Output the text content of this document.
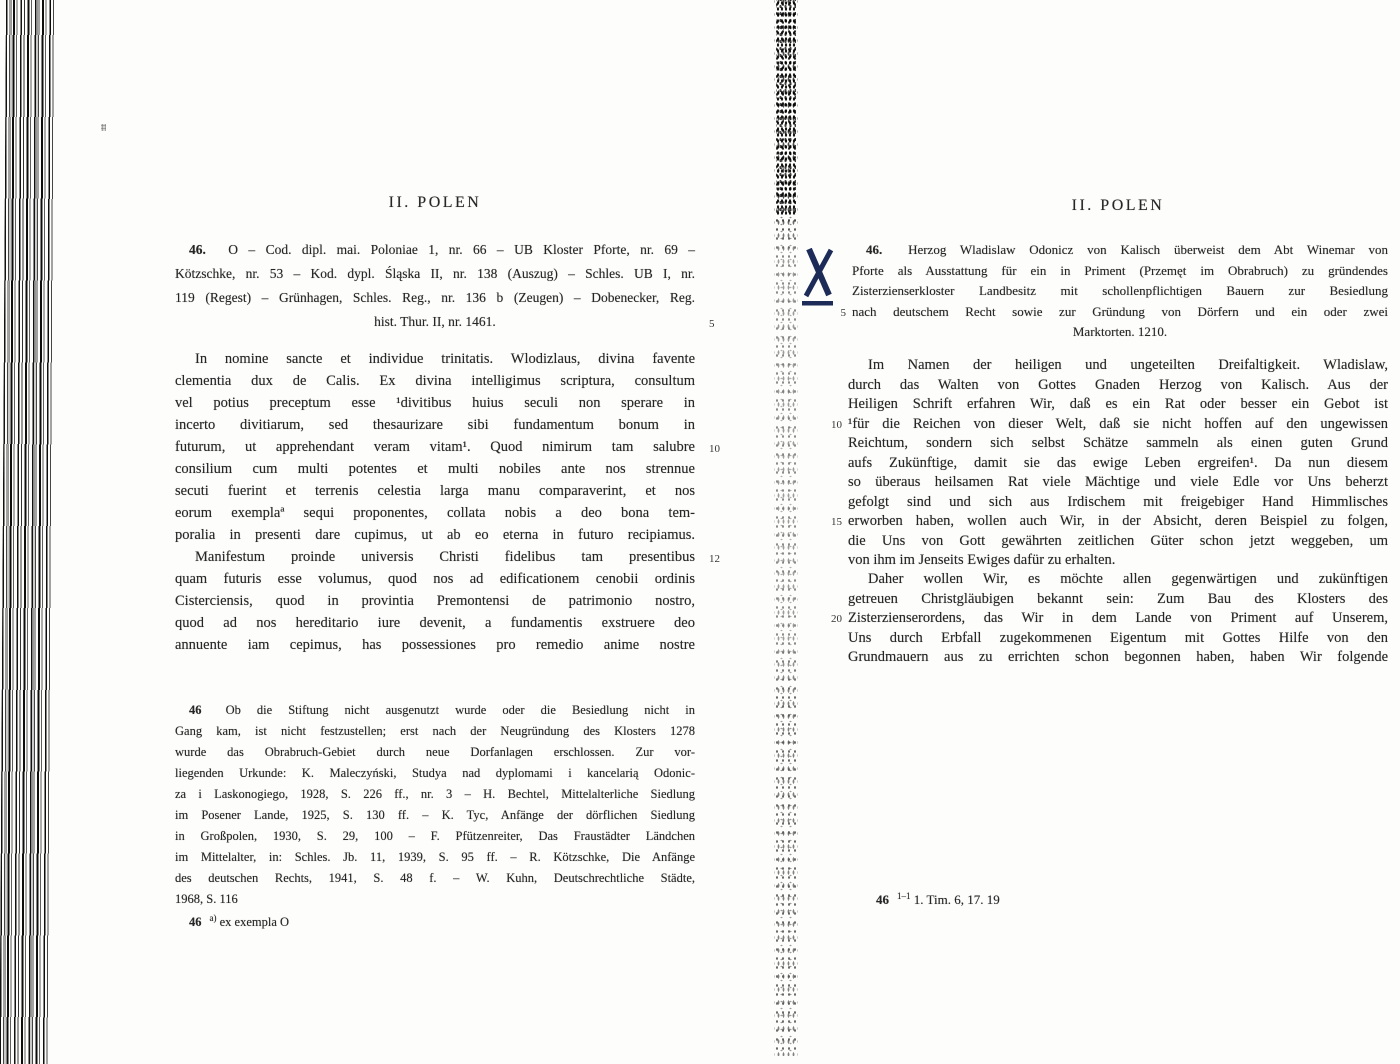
II. POLEN
46. O – Cod. dipl. mai. Poloniae 1, nr. 66 – UB Kloster Pforte, nr. 69 –
Kötzschke, nr. 53 – Kod. dypl. Śląska II, nr. 138 (Auszug) – Schles. UB I, nr.
119 (Regest) – Grünhagen, Schles. Reg., nr. 136 b (Zeugen) – Dobenecker, Reg.
hist. Thur. II, nr. 1461.	5
In nomine sancte et individue trinitatis. Wlodizlaus, divina favente
clementia dux de Calis. Ex divina intelligimus scriptura, consultum
vel potius preceptum esse ¹divitibus huius seculi non sperare in
incerto divitiarum, sed thesaurizare sibi fundamentum bonum in
futurum, ut apprehendant veram vitam¹. Quod nimirum tam salubre
consilium cum multi potentes et multi nobiles ante nos strennue
secuti fuerint et terrenis celestia larga manu comparaverint, et nos
eorum exemplaª sequi proponentes, collata nobis a deo bona tem-
poralia in presenti dare cupimus, ut ab eo eterna in futuro recipiamus.
10
Manifestum proinde universis Christi fidelibus tam presentibus
quam futuris esse volumus, quod nos ad edificationem cenobii ordinis
Cisterciensis, quod in provintia Premontensi de patrimonio nostro,
quod ad nos hereditario iure devenit, a fundamentis exstruere deo
annuente iam cepimus, has possessiones pro remedio anime nostre
12
46 Ob die Stiftung nicht ausgenutzt wurde oder die Besiedlung nicht in
Gang kam, ist nicht festzustellen; erst nach der Neugründung des Klosters 1278
wurde das Obrabruch-Gebiet durch neue Dorfanlagen erschlossen. Zur vor-
liegenden Urkunde: K. Maleczyński, Studya nad dyplomami i kancelarią Odonic-
za i Laskonogiego, 1928, S. 226 ff., nr. 3 – H. Bechtel, Mittelalterliche Siedlung
im Posener Lande, 1925, S. 130 ff. – K. Tyc, Anfänge der dörflichen Siedlung
in Großpolen, 1930, S. 29, 100 – F. Pfützenreiter, Das Fraustädter Ländchen
im Mittelalter, in: Schles. Jb. 11, 1939, S. 95 ff. – R. Kötzschke, Die Anfänge
des deutschen Rechts, 1941, S. 48 f. – W. Kuhn, Deutschrechtliche Städte,
1968, S. 116
46 $^{a)}$ ex exempla O
II. POLEN
46. Herzog Wladislaw Odonicz von Kalisch überweist dem Abt Winemar von
Pforte als Ausstattung für ein in Priment (Przemęt im Obrabruch) zu gründendes
Zisterzienserkloster Landbesitz mit schollenpflichtigen Bauern zur Besiedlung
nach deutschem Recht sowie zur Gründung von Dörfern und ein oder zwei
Marktorten. 1210.
5
Im Namen der heiligen und ungeteilten Dreifaltigkeit. Wladislaw,
durch das Walten von Gottes Gnaden Herzog von Kalisch. Aus der
Heiligen Schrift erfahren Wir, daß es ein Rat oder besser ein Gebot ist
¹für die Reichen von dieser Welt, daß sie nicht hoffen auf den ungewissen
Reichtum, sondern sich selbst Schätze sammeln als einen guten Grund
aufs Zukünftige, damit sie das ewige Leben ergreifen¹. Da nun diesem
so überaus heilsamen Rat viele Mächtige und viele Edle vor Uns beherzt
gefolgt sind und sich aus Irdischem mit freigebiger Hand Himmlisches
erworben haben, wollen auch Wir, in der Absicht, deren Beispiel zu folgen,
die Uns von Gott gewährten zeitlichen Güter schon jetzt weggeben, um
von ihm im Jenseits Ewiges dafür zu erhalten.
10
15
Daher wollen Wir, es möchte allen gegenwärtigen und zukünftigen
getreuen Christgläubigen bekannt sein: Zum Bau des Klosters des
Zisterzienserordens, das Wir in dem Lande von Priment auf Unserem,
Uns durch Erbfall zugekommenen Eigentum mit Gottes Hilfe von den
Grundmauern aus zu errichten schon begonnen haben, haben Wir folgende
20
46 $^{1-1}$ 1. Tim. 6, 17. 19
